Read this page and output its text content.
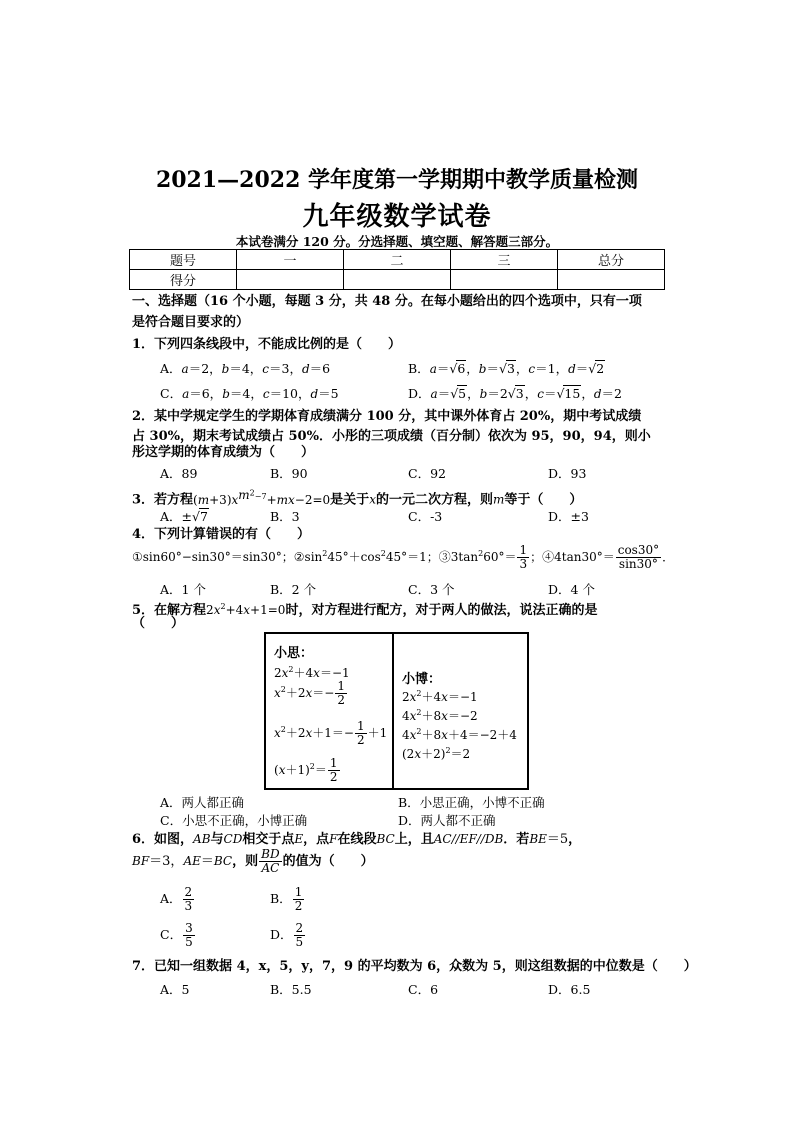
2021—2022 学年度第一学期期中教学质量检测
九年级数学试卷
本试卷满分 120 分。分选择题、填空题、解答题三部分。
题号	一	二	三	总分
得分				
一、选择题（16 个小题，每题 3 分，共 48 分。在每小题给出的四个选项中，只有一项
是符合题目要求的）
1．下列四条线段中，不能成比例的是（　　）
A．a＝2，b＝4，c＝3，d＝6	B．a＝√6，b＝√3，c＝1，d＝√2
C．a＝6，b＝4，c＝10，d＝5	D．a＝√5，b＝2√3，c＝√15，d＝2
2．某中学规定学生的学期体育成绩满分 100 分，其中课外体育占 20%，期中考试成绩
占 30%，期末考试成绩占 50%．小彤的三项成绩（百分制）依次为 95，90，94，则小
彤这学期的体育成绩为（　　）
A．89	B．90	C．92	D．93
3．若方程$(m+3)x^{m^2-7}+mx-2=0$是关于x的一元二次方程，则m等于（　　）
A．±√7	B．3	C．-3	D．±3
4．下列计算错误的有（　　）
①sin60°−sin30°＝sin30°；$②\sin^245^\circ+\cos^245^\circ=1$；$③3\tan^260^\circ= \frac{1}{3}$ ；④4tan30°＝ $\frac{\cos 30^\circ}{\sin 30^\circ}$ ．
A．1 个	B．2 个	C．3 个	D．4 个
5．在解方程$2x^2+4x+1=0$时，对方程进行配方，对于两人的做法，说法正确的是
（　　）
小思：
$2x^2+4x=-1$
$x^2+2x=- \frac{1}{2}$
$x^2+2x+1=- \frac{1}{2} +1$
$(x+1)^2= \frac{1}{2}$
小博：
$2x^2+4x=-1$
$4x^2+8x=-2$
$4x^2+8x+4=-2+4$
$(2x+2)^2=2$
A．两人都正确	B．小思正确，小博不正确
C．小思不正确，小博正确	D．两人都不正确
6．如图，AB与CD相交于点E，点F在线段BC上，且AC//EF//DB．若BE＝5，
BF＝3，AE＝BC，则 $\frac{BD}{AC}$ 的值为（　　）
A． $\frac{2}{3}$	B． $\frac{1}{2}$
C． $\frac{3}{5}$	D． $\frac{2}{5}$
7．已知一组数据 4，x，5，y，7，9 的平均数为 6，众数为 5，则这组数据的中位数是（　　）
A．5	B．5.5	C．6	D．6.5
